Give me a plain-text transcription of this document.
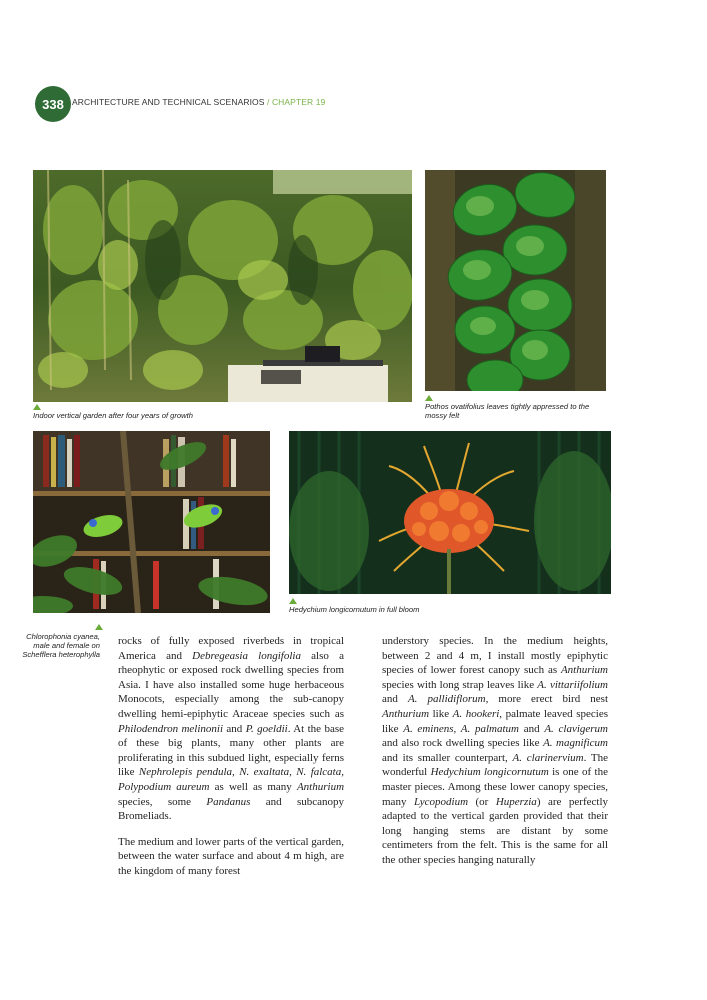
338 ARCHITECTURE AND TECHNICAL SCENARIOS / CHAPTER 19
Indoor vertical garden after four years of growth
Pothos ovatifolius leaves tightly appressed to the mossy felt
Chlorophonia cyanea, male and female on Schefflera heterophylla
Hedychium longicornutum in full bloom

rocks of fully exposed riverbeds in tropical America and Debregeasia longifolia also a rheophytic or exposed rock dwelling species from Asia. I have also installed some huge herbaceous Monocots, especially among the sub-canopy dwelling hemi-epiphytic Araceae species such as Philodendron melinonii and P. goeldii. At the base of these big plants, many other plants are proliferating in this subdued light, especially ferns like Nephrolepis pendula, N. exaltata, N. falcata, Polypodium aureum as well as many Anthurium species, some Pandanus and subcanopy Bromeliads.

The medium and lower parts of the vertical garden, between the water surface and about 4 m high, are the kingdom of many forest

understory species. In the medium heights, between 2 and 4 m, I install mostly epiphytic species of lower forest canopy such as Anthurium species with long strap leaves like A. vittariifolium and A. pallidiflorum, more erect bird nest Anthurium like A. hookeri, palmate leaved species like A. eminens, A. palmatum and A. clavigerum and also rock dwelling species like A. magnificum and its smaller counterpart, A. clarinervium. The wonderful Hedychium longicornutum is one of the master pieces. Among these lower canopy species, many Lycopodium (or Huperzia) are perfectly adapted to the vertical garden provided that their long hanging stems are distant by some centimeters from the felt. This is the same for all the other species hanging naturally
